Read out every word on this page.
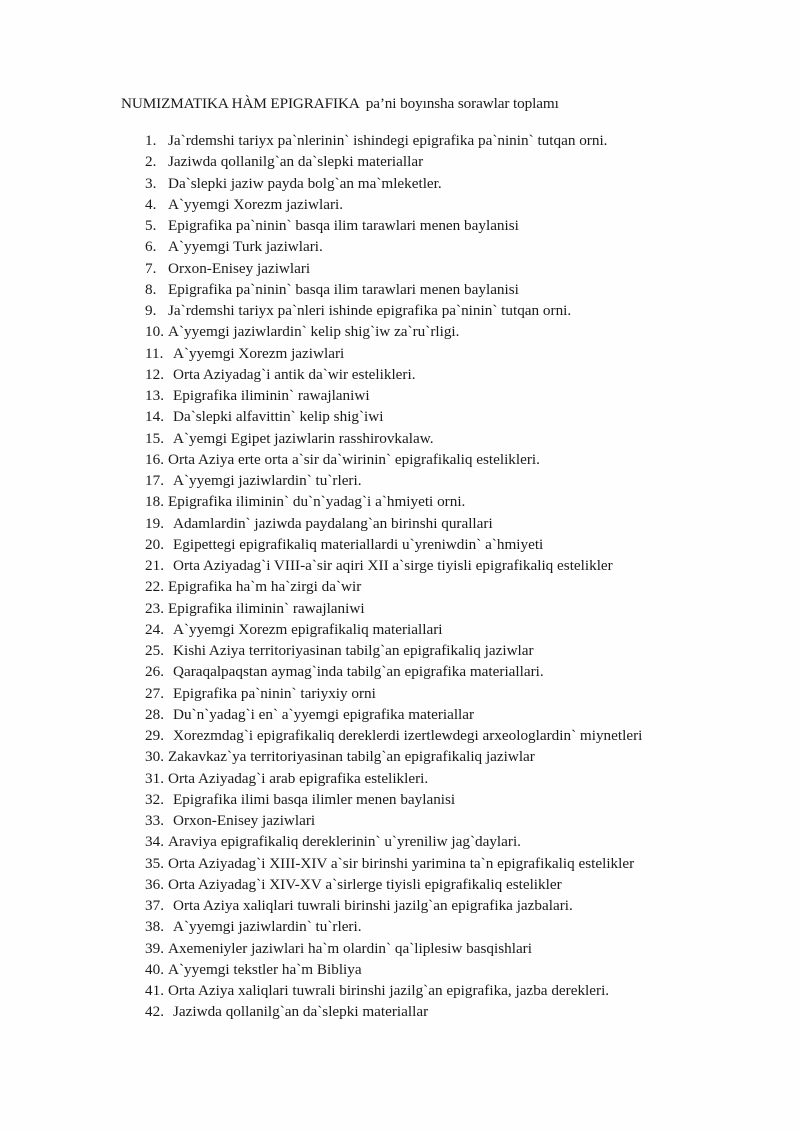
NUMIZMATIKA HÀM EPIGRAFIKA pa’ni boyınsha sorawlar toplamı
1. Ja`rdemshi tariyx pa`nlerinin` ishindegi epigrafika pa`ninin` tutqan orni.
2. Jaziwda qollanilg`an da`slepki materiallar
3. Da`slepki jaziw payda bolg`an ma`mleketler.
4. A`yyemgi Xorezm jaziwlari.
5. Epigrafika pa`ninin` basqa ilim tarawlari menen baylanisi
6. A`yyemgi Turk jaziwlari.
7. Orxon-Enisey jaziwlari
8. Epigrafika pa`ninin` basqa ilim tarawlari menen baylanisi
9. Ja`rdemshi tariyx pa`nleri ishinde epigrafika pa`ninin` tutqan orni.
10. A`yyemgi jaziwlardin` kelip shig`iw za`ru`rligi.
11. A`yyemgi Xorezm jaziwlari
12. Orta Aziyadag`i antik da`wir estelikleri.
13. Epigrafika iliminin` rawajlaniwi
14. Da`slepki alfavittin` kelip shig`iwi
15. A`yemgi Egipet jaziwlarin rasshirovkalaw.
16. Orta Aziya erte orta a`sir da`wirinin` epigrafikaliq estelikleri.
17. A`yyemgi jaziwlardin` tu`rleri.
18. Epigrafika iliminin` du`n`yadag`i a`hmiyeti orni.
19. Adamlardin` jaziwda paydalang`an birinshi qurallari
20. Egipettegi epigrafikaliq materiallardi u`yreniwdin` a`hmiyeti
21. Orta Aziyadag`i VIII-a`sir aqiri XII a`sirge tiyisli epigrafikaliq estelikler
22. Epigrafika ha`m ha`zirgi da`wir
23. Epigrafika iliminin` rawajlaniwi
24. A`yyemgi Xorezm epigrafikaliq materiallari
25. Kishi Aziya territoriyasinan tabilg`an epigrafikaliq jaziwlar
26. Qaraqalpaqstan aymag`inda tabilg`an epigrafika materiallari.
27. Epigrafika pa`ninin` tariyxiy orni
28. Du`n`yadag`i en` a`yyemgi epigrafika materiallar
29. Xorezmdag`i epigrafikaliq dereklerdi izertlewdegi arxeologlardin` miynetleri
30. Zakavkaz`ya territoriyasinan tabilg`an epigrafikaliq jaziwlar
31. Orta Aziyadag`i arab epigrafika estelikleri.
32. Epigrafika ilimi basqa ilimler menen baylanisi
33. Orxon-Enisey jaziwlari
34. Araviya epigrafikaliq dereklerinin` u`yreniliw jag`daylari.
35. Orta Aziyadag`i XIII-XIV a`sir birinshi yarimina ta`n epigrafikaliq estelikler
36. Orta Aziyadag`i XIV-XV a`sirlerge tiyisli epigrafikaliq estelikler
37. Orta Aziya xaliqlari tuwrali birinshi jazilg`an epigrafika jazbalari.
38. A`yyemgi jaziwlardin` tu`rleri.
39. Axemeniyler jaziwlari ha`m olardin` qa`liplesiw basqishlari
40. A`yyemgi tekstler ha`m Bibliya
41. Orta Aziya xaliqlari tuwrali birinshi jazilg`an epigrafika, jazba derekleri.
42. Jaziwda qollanilg`an da`slepki materiallar
